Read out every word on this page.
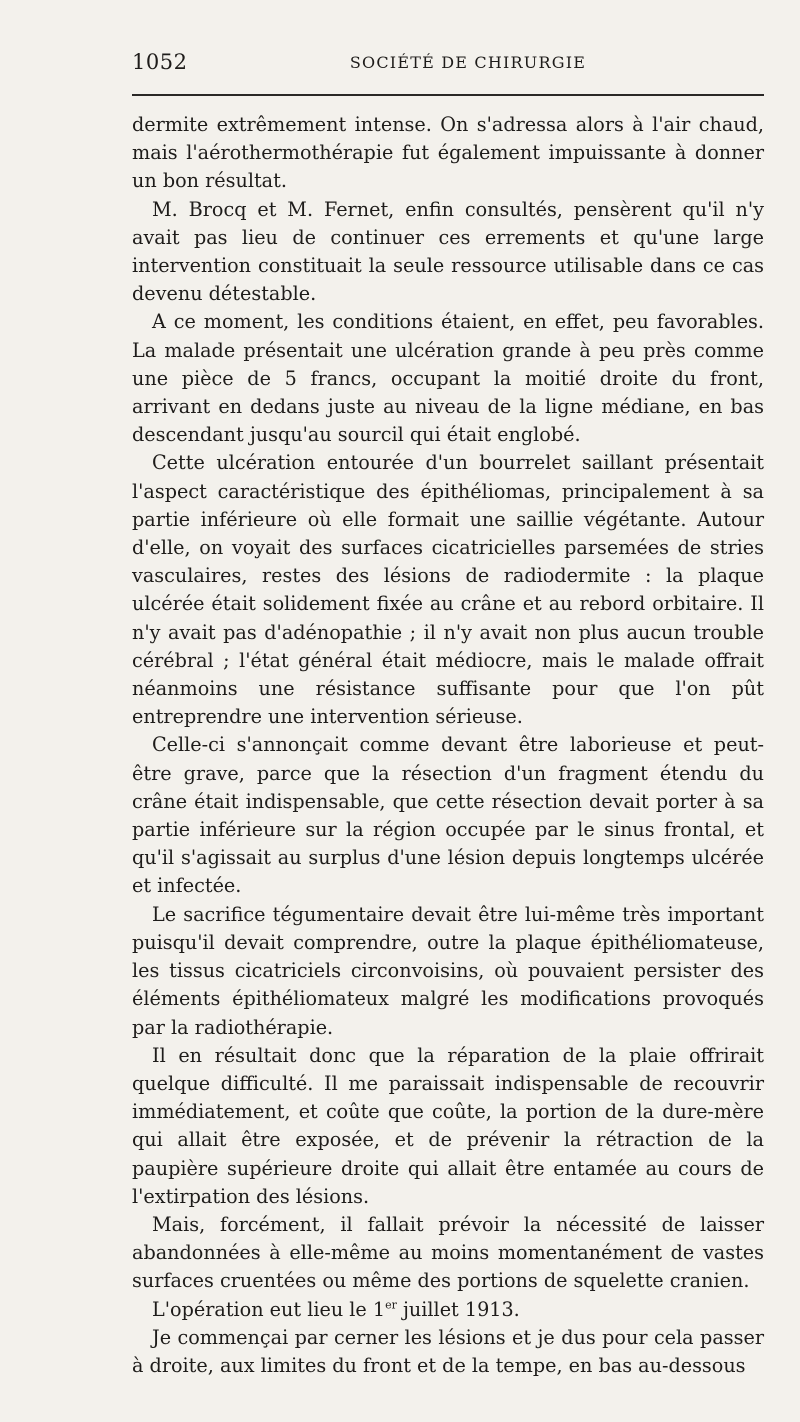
1052	SOCIÉTÉ DE CHIRURGIE

dermite extrêmement intense. On s'adressa alors à l'air chaud, mais l'aérothermothérapie fut également impuissante à donner un bon résultat.

M. Brocq et M. Fernet, enfin consultés, pensèrent qu'il n'y avait pas lieu de continuer ces errements et qu'une large intervention constituait la seule ressource utilisable dans ce cas devenu détestable.

A ce moment, les conditions étaient, en effet, peu favorables. La malade présentait une ulcération grande à peu près comme une pièce de 5 francs, occupant la moitié droite du front, arrivant en dedans juste au niveau de la ligne médiane, en bas descendant jusqu'au sourcil qui était englobé.

Cette ulcération entourée d'un bourrelet saillant présentait l'aspect caractéristique des épithéliomas, principalement à sa partie inférieure où elle formait une saillie végétante. Autour d'elle, on voyait des surfaces cicatricielles parsemées de stries vasculaires, restes des lésions de radiodermite : la plaque ulcérée était solidement fixée au crâne et au rebord orbitaire. Il n'y avait pas d'adénopathie ; il n'y avait non plus aucun trouble cérébral ; l'état général était médiocre, mais le malade offrait néanmoins une résistance suffisante pour que l'on pût entreprendre une intervention sérieuse.

Celle-ci s'annonçait comme devant être laborieuse et peut-être grave, parce que la résection d'un fragment étendu du crâne était indispensable, que cette résection devait porter à sa partie inférieure sur la région occupée par le sinus frontal, et qu'il s'agissait au surplus d'une lésion depuis longtemps ulcérée et infectée.

Le sacrifice tégumentaire devait être lui-même très important puisqu'il devait comprendre, outre la plaque épithéliomateuse, les tissus cicatriciels circonvoisins, où pouvaient persister des éléments épithéliomateux malgré les modifications provoqués par la radiothérapie.

Il en résultait donc que la réparation de la plaie offrirait quelque difficulté. Il me paraissait indispensable de recouvrir immédiatement, et coûte que coûte, la portion de la dure-mère qui allait être exposée, et de prévenir la rétraction de la paupière supérieure droite qui allait être entamée au cours de l'extirpation des lésions.

Mais, forcément, il fallait prévoir la nécessité de laisser abandonnées à elle-même au moins momentanément de vastes surfaces cruentées ou même des portions de squelette cranien.

L'opération eut lieu le 1er juillet 1913.

Je commençai par cerner les lésions et je dus pour cela passer à droite, aux limites du front et de la tempe, en bas au-dessous
